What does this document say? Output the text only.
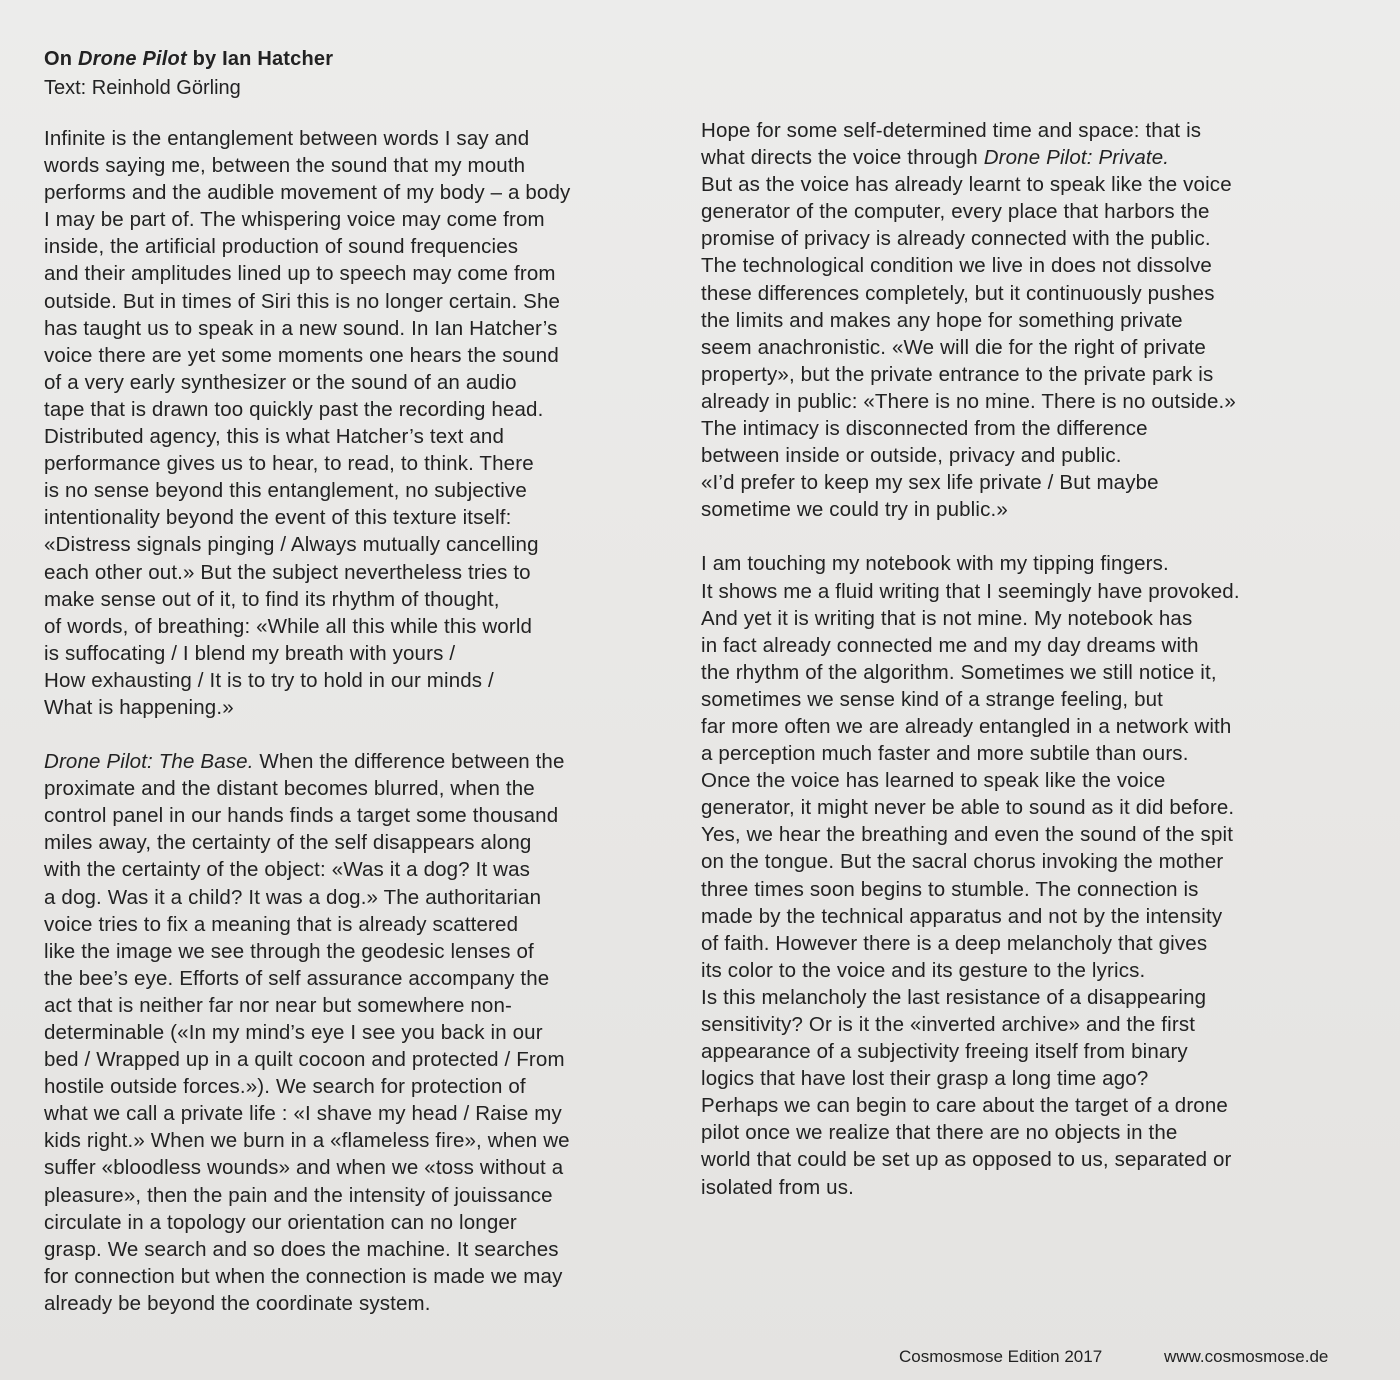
On Drone Pilot by Ian Hatcher
Text: Reinhold Görling

Infinite is the entanglement between words I say and
words saying me, between the sound that my mouth
performs and the audible movement of my body – a body
I may be part of. The whispering voice may come from
inside, the artificial production of sound frequencies
and their amplitudes lined up to speech may come from
outside. But in times of Siri this is no longer certain. She
has taught us to speak in a new sound. In Ian Hatcher’s
voice there are yet some moments one hears the sound
of a very early synthesizer or the sound of an audio
tape that is drawn too quickly past the recording head.
Distributed agency, this is what Hatcher’s text and
performance gives us to hear, to read, to think. There
is no sense beyond this entanglement, no subjective
intentionality beyond the event of this texture itself:
«Distress signals pinging / Always mutually cancelling
each other out.» But the subject nevertheless tries to
make sense out of it, to find its rhythm of thought,
of words, of breathing: «While all this while this world
is suffocating / I blend my breath with yours /
How exhausting / It is to try to hold in our minds /
What is happening.»

Drone Pilot: The Base. When the difference between the
proximate and the distant becomes blurred, when the
control panel in our hands finds a target some thousand
miles away, the certainty of the self disappears along
with the certainty of the object: «Was it a dog? It was
a dog. Was it a child? It was a dog.» The authoritarian
voice tries to fix a meaning that is already scattered
like the image we see through the geodesic lenses of
the bee’s eye. Efforts of self assurance accompany the
act that is neither far nor near but somewhere non-
determinable («In my mind’s eye I see you back in our
bed / Wrapped up in a quilt cocoon and protected / From
hostile outside forces.»). We search for protection of
what we call a private life : «I shave my head / Raise my
kids right.» When we burn in a «flameless fire», when we
suffer «bloodless wounds» and when we «toss without a
pleasure», then the pain and the intensity of jouissance
circulate in a topology our orientation can no longer
grasp. We search and so does the machine. It searches
for connection but when the connection is made we may
already be beyond the coordinate system.

Hope for some self-determined time and space: that is
what directs the voice through Drone Pilot: Private.
But as the voice has already learnt to speak like the voice
generator of the computer, every place that harbors the
promise of privacy is already connected with the public.
The technological condition we live in does not dissolve
these differences completely, but it continuously pushes
the limits and makes any hope for something private
seem anachronistic. «We will die for the right of private
property», but the private entrance to the private park is
already in public: «There is no mine. There is no outside.»
The intimacy is disconnected from the difference
between inside or outside, privacy and public.
«I’d prefer to keep my sex life private / But maybe
sometime we could try in public.»

I am touching my notebook with my tipping fingers.
It shows me a fluid writing that I seemingly have provoked.
And yet it is writing that is not mine. My notebook has
in fact already connected me and my day dreams with
the rhythm of the algorithm. Sometimes we still notice it,
sometimes we sense kind of a strange feeling, but
far more often we are already entangled in a network with
a perception much faster and more subtile than ours.
Once the voice has learned to speak like the voice
generator, it might never be able to sound as it did before.
Yes, we hear the breathing and even the sound of the spit
on the tongue. But the sacral chorus invoking the mother
three times soon begins to stumble. The connection is
made by the technical apparatus and not by the intensity
of faith. However there is a deep melancholy that gives
its color to the voice and its gesture to the lyrics.
Is this melancholy the last resistance of a disappearing
sensitivity? Or is it the «inverted archive» and the first
appearance of a subjectivity freeing itself from binary
logics that have lost their grasp a long time ago?
Perhaps we can begin to care about the target of a drone
pilot once we realize that there are no objects in the
world that could be set up as opposed to us, separated or
isolated from us.

Cosmosmose Edition 2017	www.cosmosmose.de
